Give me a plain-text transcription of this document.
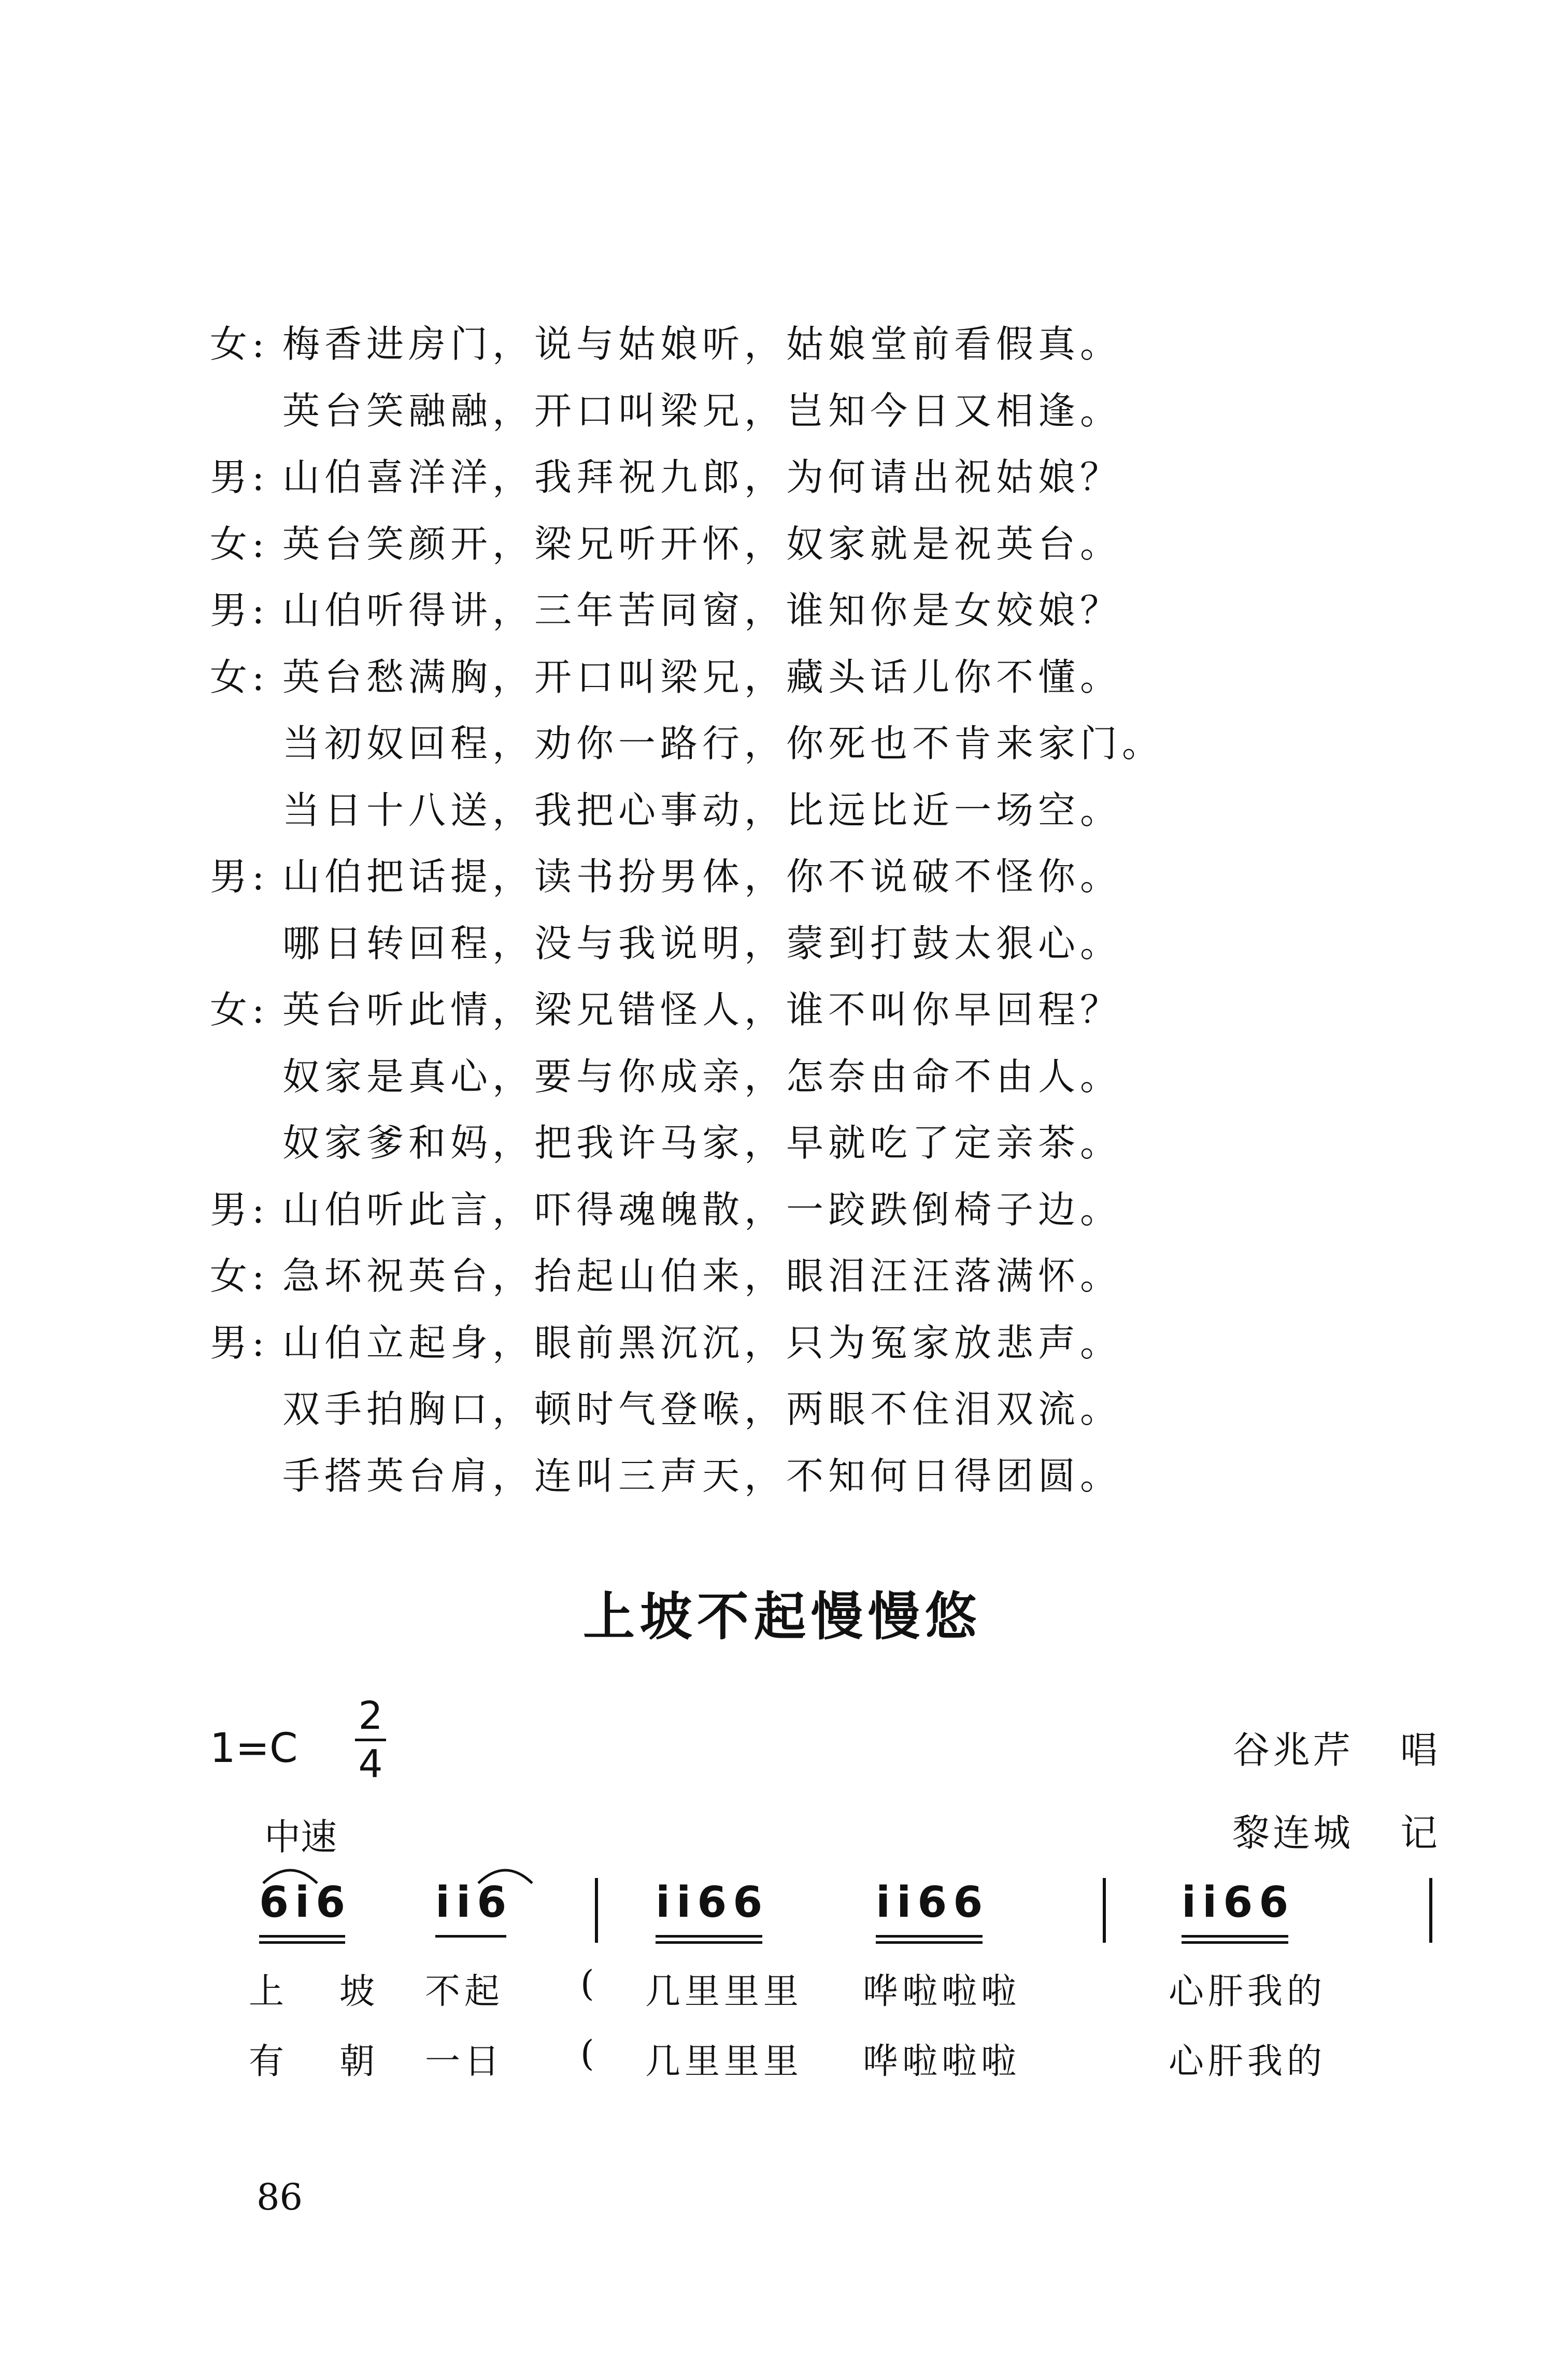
女: 梅香进房门，说与姑娘听，姑娘堂前看假真。
英台笑融融，开口叫梁兄，岂知今日又相逢。
男: 山伯喜洋洋，我拜祝九郎，为何请出祝姑娘？
女: 英台笑颜开，梁兄听开怀，奴家就是祝英台。
男: 山伯听得讲，三年苦同窗，谁知你是女姣娘？
女: 英台愁满胸，开口叫梁兄，藏头话儿你不懂。
当初奴回程，劝你一路行，你死也不肯来家门。
当日十八送，我把心事动，比远比近一场空。
男: 山伯把话提，读书扮男体，你不说破不怪你。
哪日转回程，没与我说明，蒙到打鼓太狠心。
女: 英台听此情，梁兄错怪人，谁不叫你早回程？
奴家是真心，要与你成亲，怎奈由命不由人。
奴家爹和妈，把我许马家，早就吃了定亲茶。
男: 山伯听此言，吓得魂魄散，一跤跌倒椅子边。
女: 急坏祝英台，抬起山伯来，眼泪汪汪落满怀。
男: 山伯立起身，眼前黑沉沉，只为冤家放悲声。
双手拍胸口，顿时气登喉，两眼不住泪双流。
手搭英台肩，连叫三声天，不知何日得团圆。
上坡不起慢慢悠
1=C
2
4	谷兆芹 唱
黎连城 记
中速
6i6 ii6	ii66	ii66	ii66
上 坡 不起 ( 几里里里 哗啦啦啦	心肝我的
有 朝 一日 ( 几里里里 哗啦啦啦	心肝我的
86
